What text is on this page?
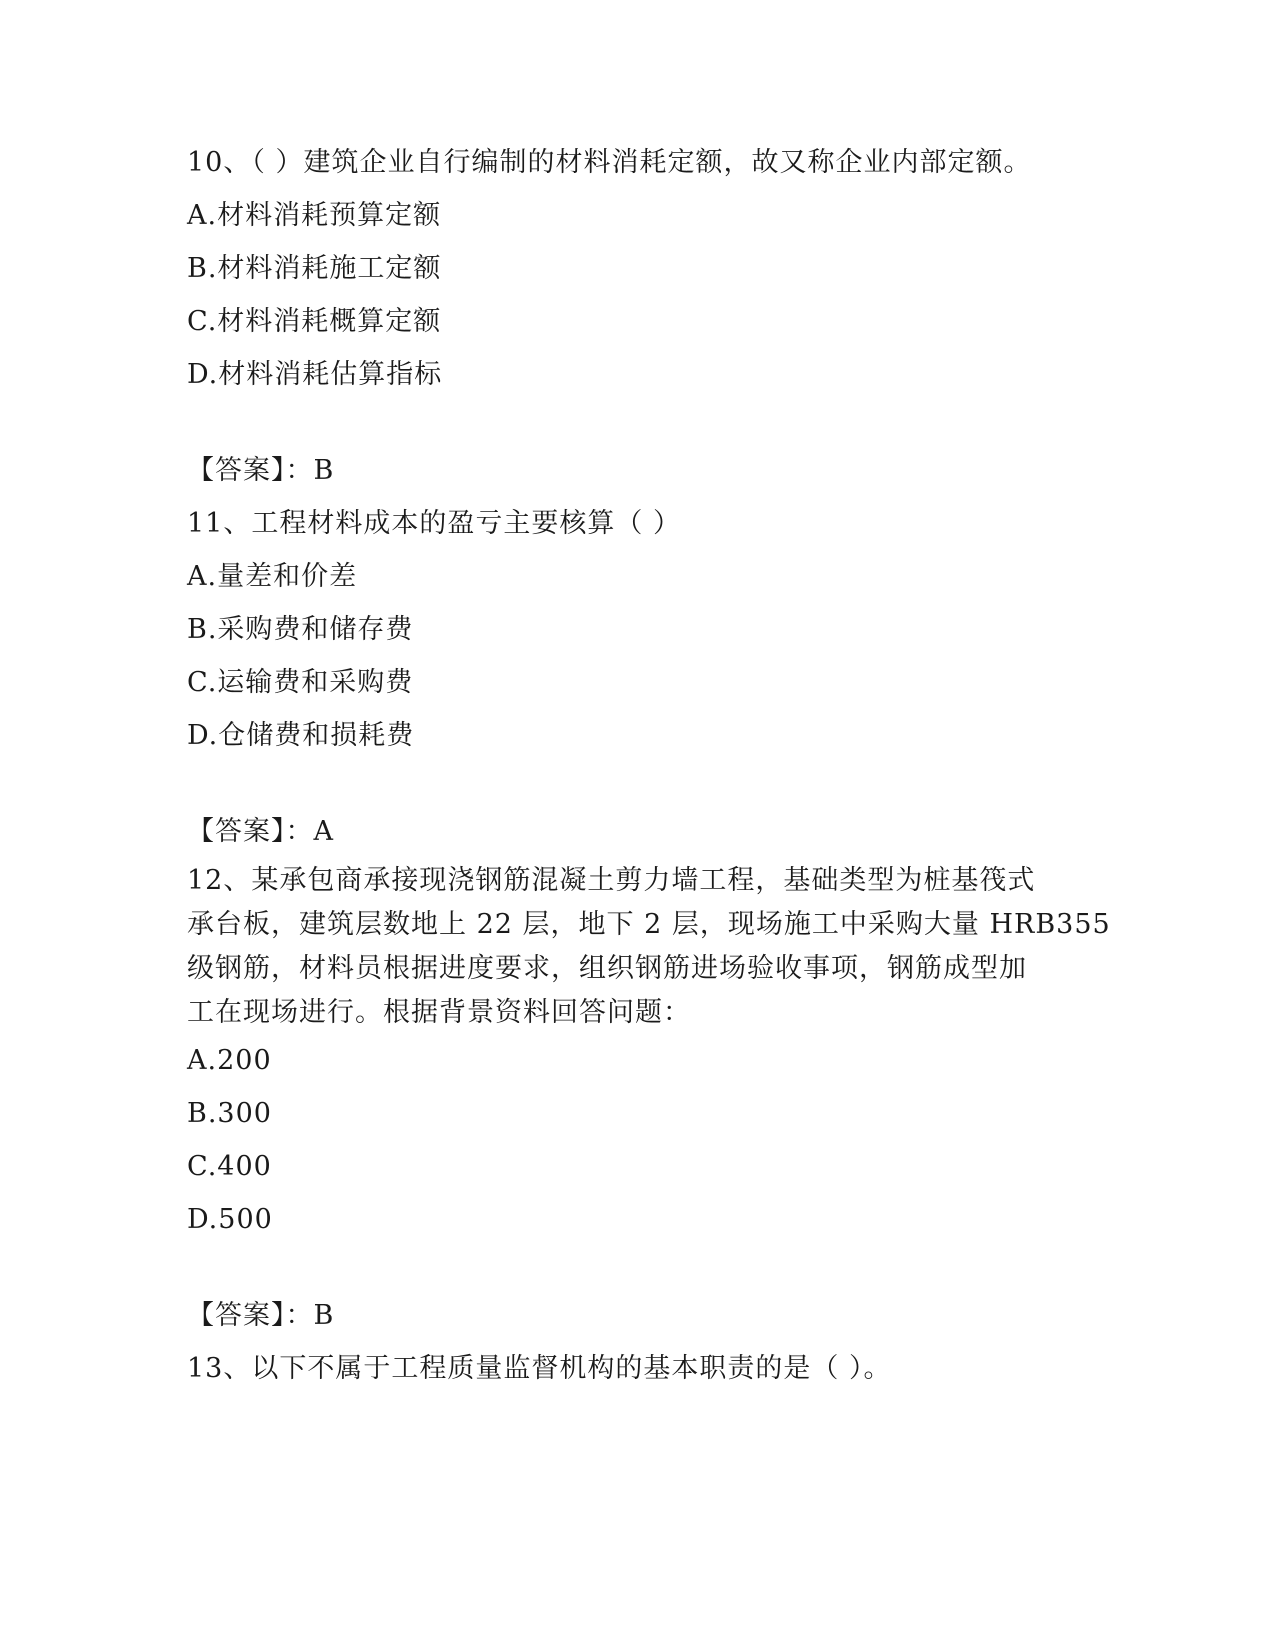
10、（ ）建筑企业自行编制的材料消耗定额，故又称企业内部定额。
A.材料消耗预算定额
B.材料消耗施工定额
C.材料消耗概算定额
D.材料消耗估算指标
【答案】：B
11、工程材料成本的盈亏主要核算（ ）
A.量差和价差
B.采购费和储存费
C.运输费和采购费
D.仓储费和损耗费
【答案】：A
12、某承包商承接现浇钢筋混凝土剪力墙工程，基础类型为桩基筏式
承台板，建筑层数地上 22 层，地下 2 层，现场施工中采购大量 HRB355
级钢筋，材料员根据进度要求，组织钢筋进场验收事项，钢筋成型加
工在现场进行。根据背景资料回答问题：
A.200
B.300
C.400
D.500
【答案】：B
13、以下不属于工程质量监督机构的基本职责的是（ ）。
